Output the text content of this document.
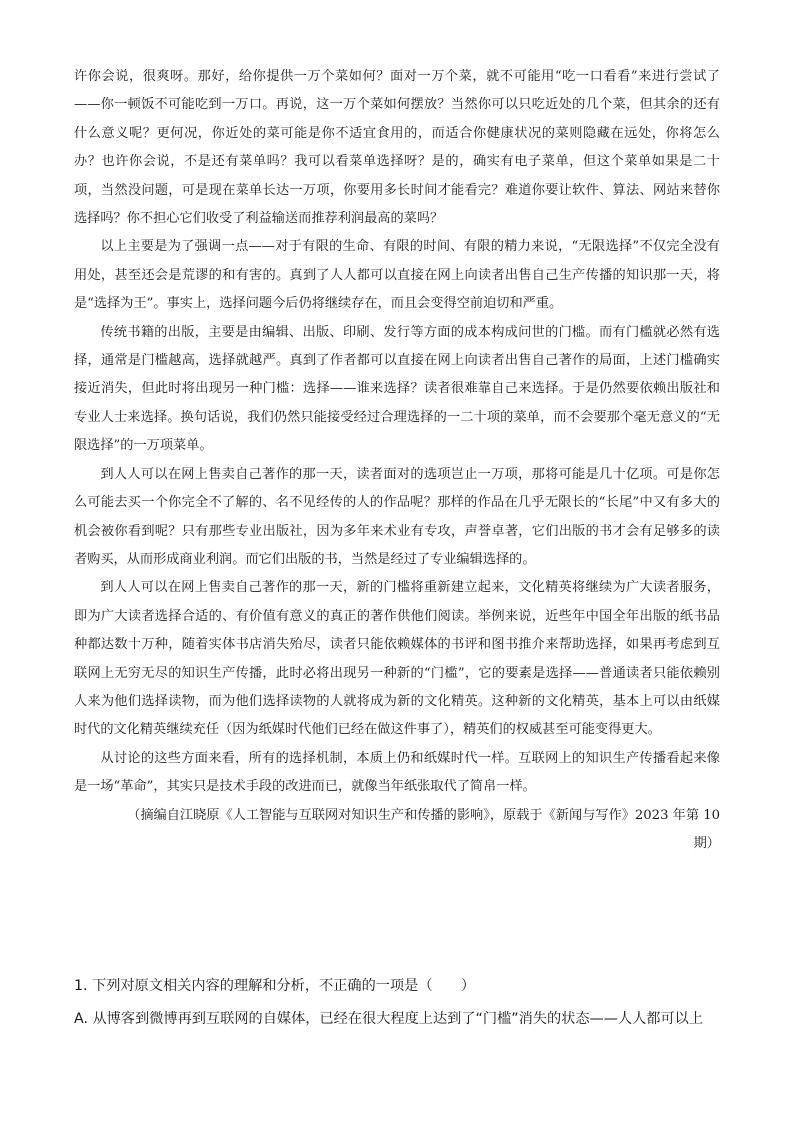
许你会说，很爽呀。那好，给你提供一万个菜如何？面对一万个菜，就不可能用“吃一口看看”来进行尝试了——你一顿饭不可能吃到一万口。再说，这一万个菜如何摆放？当然你可以只吃近处的几个菜，但其余的还有什么意义呢？更何况，你近处的菜可能是你不适宜食用的，而适合你健康状况的菜则隐藏在远处，你将怎么办？也许你会说，不是还有菜单吗？我可以看菜单选择呀？是的，确实有电子菜单，但这个菜单如果是二十项，当然没问题，可是现在菜单长达一万项，你要用多长时间才能看完？难道你要让软件、算法、网站来替你选择吗？你不担心它们收受了利益输送而推荐利润最高的菜吗？

以上主要是为了强调一点——对于有限的生命、有限的时间、有限的精力来说，“无限选择”不仅完全没有用处，甚至还会是荒谬的和有害的。真到了人人都可以直接在网上向读者出售自己生产传播的知识那一天，将是“选择为王”。事实上，选择问题今后仍将继续存在，而且会变得空前迫切和严重。

传统书籍的出版，主要是由编辑、出版、印刷、发行等方面的成本构成问世的门槛。而有门槛就必然有选择，通常是门槛越高，选择就越严。真到了作者都可以直接在网上向读者出售自己著作的局面，上述门槛确实接近消失，但此时将出现另一种门槛：选择——谁来选择？读者很难靠自己来选择。于是仍然要依赖出版社和专业人士来选择。换句话说，我们仍然只能接受经过合理选择的一二十项的菜单，而不会要那个毫无意义的“无限选择”的一万项菜单。

到人人可以在网上售卖自己著作的那一天，读者面对的选项岂止一万项，那将可能是几十亿项。可是你怎么可能去买一个你完全不了解的、名不见经传的人的作品呢？那样的作品在几乎无限长的“长尾”中又有多大的机会被你看到呢？只有那些专业出版社，因为多年来术业有专攻，声誉卓著，它们出版的书才会有足够多的读者购买，从而形成商业利润。而它们出版的书，当然是经过了专业编辑选择的。

到人人可以在网上售卖自己著作的那一天，新的门槛将重新建立起来，文化精英将继续为广大读者服务，即为广大读者选择合适的、有价值有意义的真正的著作供他们阅读。举例来说，近些年中国全年出版的纸书品种都达数十万种，随着实体书店消失殆尽，读者只能依赖媒体的书评和图书推介来帮助选择，如果再考虑到互联网上无穷无尽的知识生产传播，此时必将出现另一种新的“门槛”，它的要素是选择——普通读者只能依赖别人来为他们选择读物，而为他们选择读物的人就将成为新的文化精英。这种新的文化精英，基本上可以由纸媒时代的文化精英继续充任（因为纸媒时代他们已经在做这件事了），精英们的权威甚至可能变得更大。

从讨论的这些方面来看，所有的选择机制，本质上仍和纸媒时代一样。互联网上的知识生产传播看起来像是一场“革命”，其实只是技术手段的改进而已，就像当年纸张取代了简帛一样。

（摘编自江晓原《人工智能与互联网对知识生产和传播的影响》，原载于《新闻与写作》2023 年第 10

期）

1. 下列对原文相关内容的理解和分析，不正确的一项是（　　）

A. 从博客到微博再到互联网的自媒体，已经在很大程度上达到了“门槛”消失的状态——人人都可以上
